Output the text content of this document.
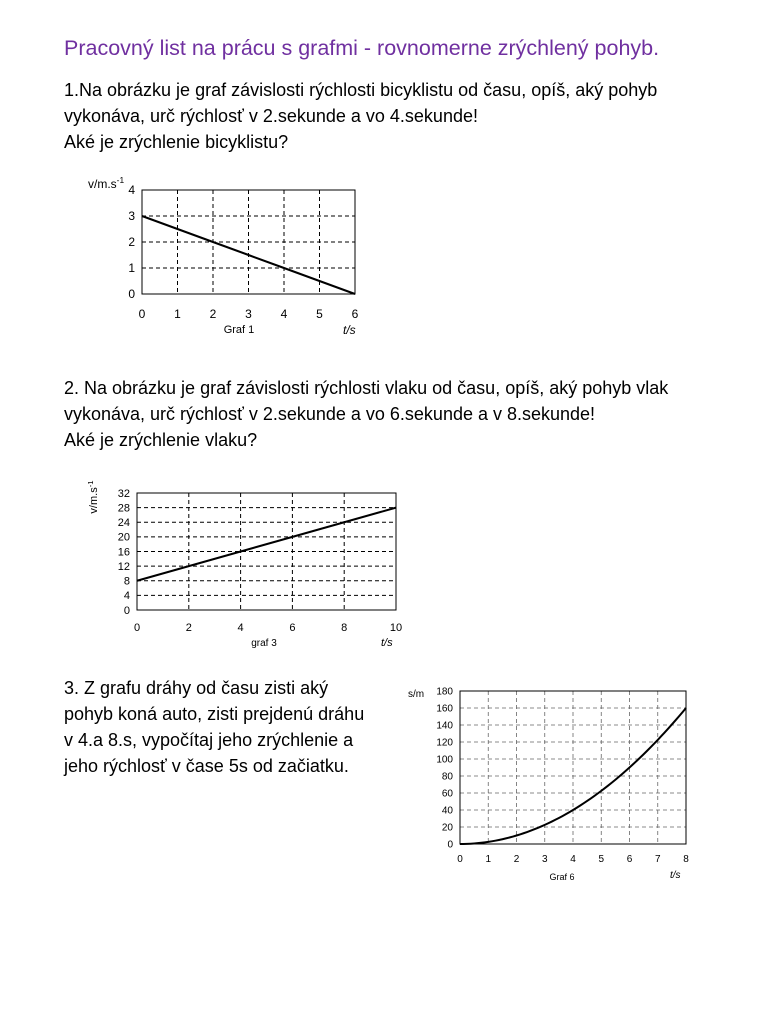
Pracovný list na prácu s grafmi - rovnomerne zrýchlený pohyb.
1.Na obrázku je graf závislosti rýchlosti bicyklistu od času, opíš, aký pohyb
vykonáva, urč rýchlosť v 2.sekunde a vo 4.sekunde!
Aké je zrýchlenie bicyklistu?
0 1 2 3 4 5 6
0
1
2
3
4
$v/m.s^{-1}$
t/s
Graf 1
2. Na obrázku je graf závislosti rýchlosti vlaku od času, opíš, aký pohyb vlak
vykonáva, urč rýchlosť v 2.sekunde a vo 6.sekunde a v 8.sekunde!
Aké je zrýchlenie vlaku?
0	2	4	6	8	10
0
4
8
12
16
20
24
28
32
$v/m.s^{-1}$
t/s
graf 3
3. Z grafu dráhy od času zisti aký
pohyb koná auto, zisti prejdenú dráhu
v 4.a 8.s, vypočítaj jeho zrýchlenie a
jeho rýchlosť v čase 5s od začiatku.
0 1 2 3 4 5 6 7 8
0
20
40
60
80
100
120
140
160
180
s/m
t/s
Graf 6
